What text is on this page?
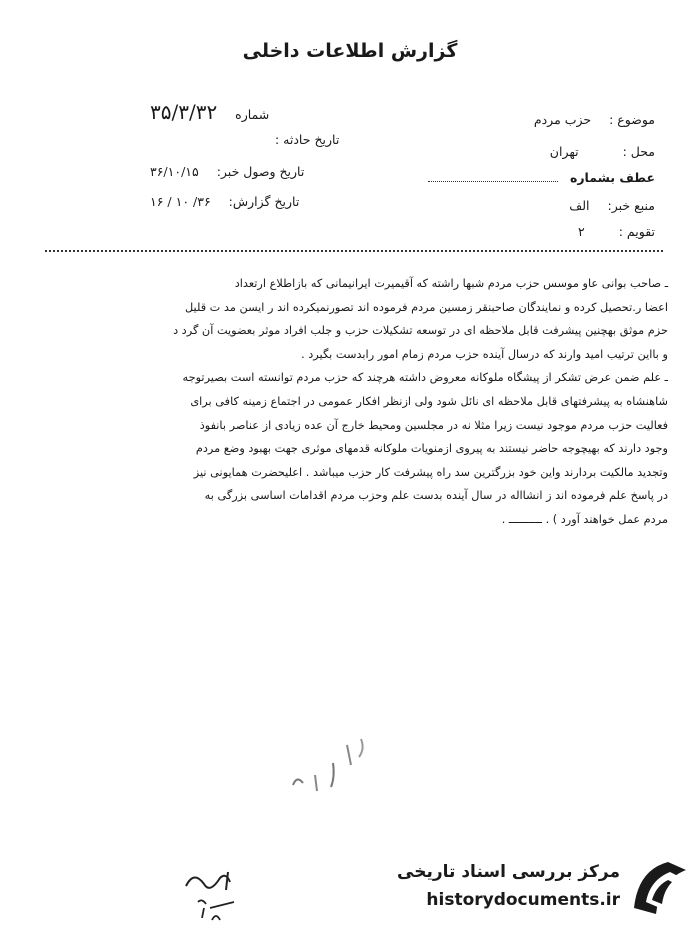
گزارش اطلاعات داخلی
شماره ۳۵/۳/۳۲
تاریخ حادثه :
تاریخ وصول خبر: ۳۶/۱۰/۱۵
تاریخ گزارش: ۳۶/ ۱۰ / ۱۶
موضوع : حزب مردم
محل : تهران
عطف بشماره
منبع خبر: الف
تقویم : ۲

ـ صاحب بوانی عاو موسس حزب مردم شبها راشته که آقیمیرت ایرانیمانی که بازاطلاع ارتعداد

اعضا ر.تحصیل کرده و نمایندگان صاحبنقر زمسین مردم فرموده اند تصورنمیکرده اند ر ایسن مد ت قلیل

حزم موثق بهچنین پیشرفت قابل ملاحظه ای در توسعه تشکیلات حزب و جلب افراد موثر بعضویت آن گرد د

و بااین ترتیب امید وارند که درسال آینده حزب مردم زمام امور رابدست بگیرد .

ـ علم ضمن عرض تشکر از پیشگاه ملوکانه معروض داشته هرچند که حزب مردم توانسته است بصیرتوجه

شاهنشاه به پیشرفتهای قابل ملاحظه ای نائل شود ولی ازنظر افکار عمومی در اجتماع زمینه کافی برای

فعالیت حزب مردم موجود نیست زیرا مثلا نه در مجلسین ومحیط خارج آن عده زیادی از عناصر بانفوذ

وجود دارند که بهیچوجه حاضر نیستند به پیروی ازمنویات ملوکانه قدمهای موثری جهت بهبود وضع مردم

وتجدید مالکیت بردارند واین خود بزرگترین سد راه پیشرفت کار حزب میباشد . اعلیحضرت همایونی نیز

در پاسخ علم فرموده اند ز انشااله در سال آینده بدست علم وحزب مردم اقدامات اساسی بزرگی به

مردم عمل خواهند آورد ) . ــــــــــ .

مرکز بررسی اسناد تاریخی
historydocuments.ir
